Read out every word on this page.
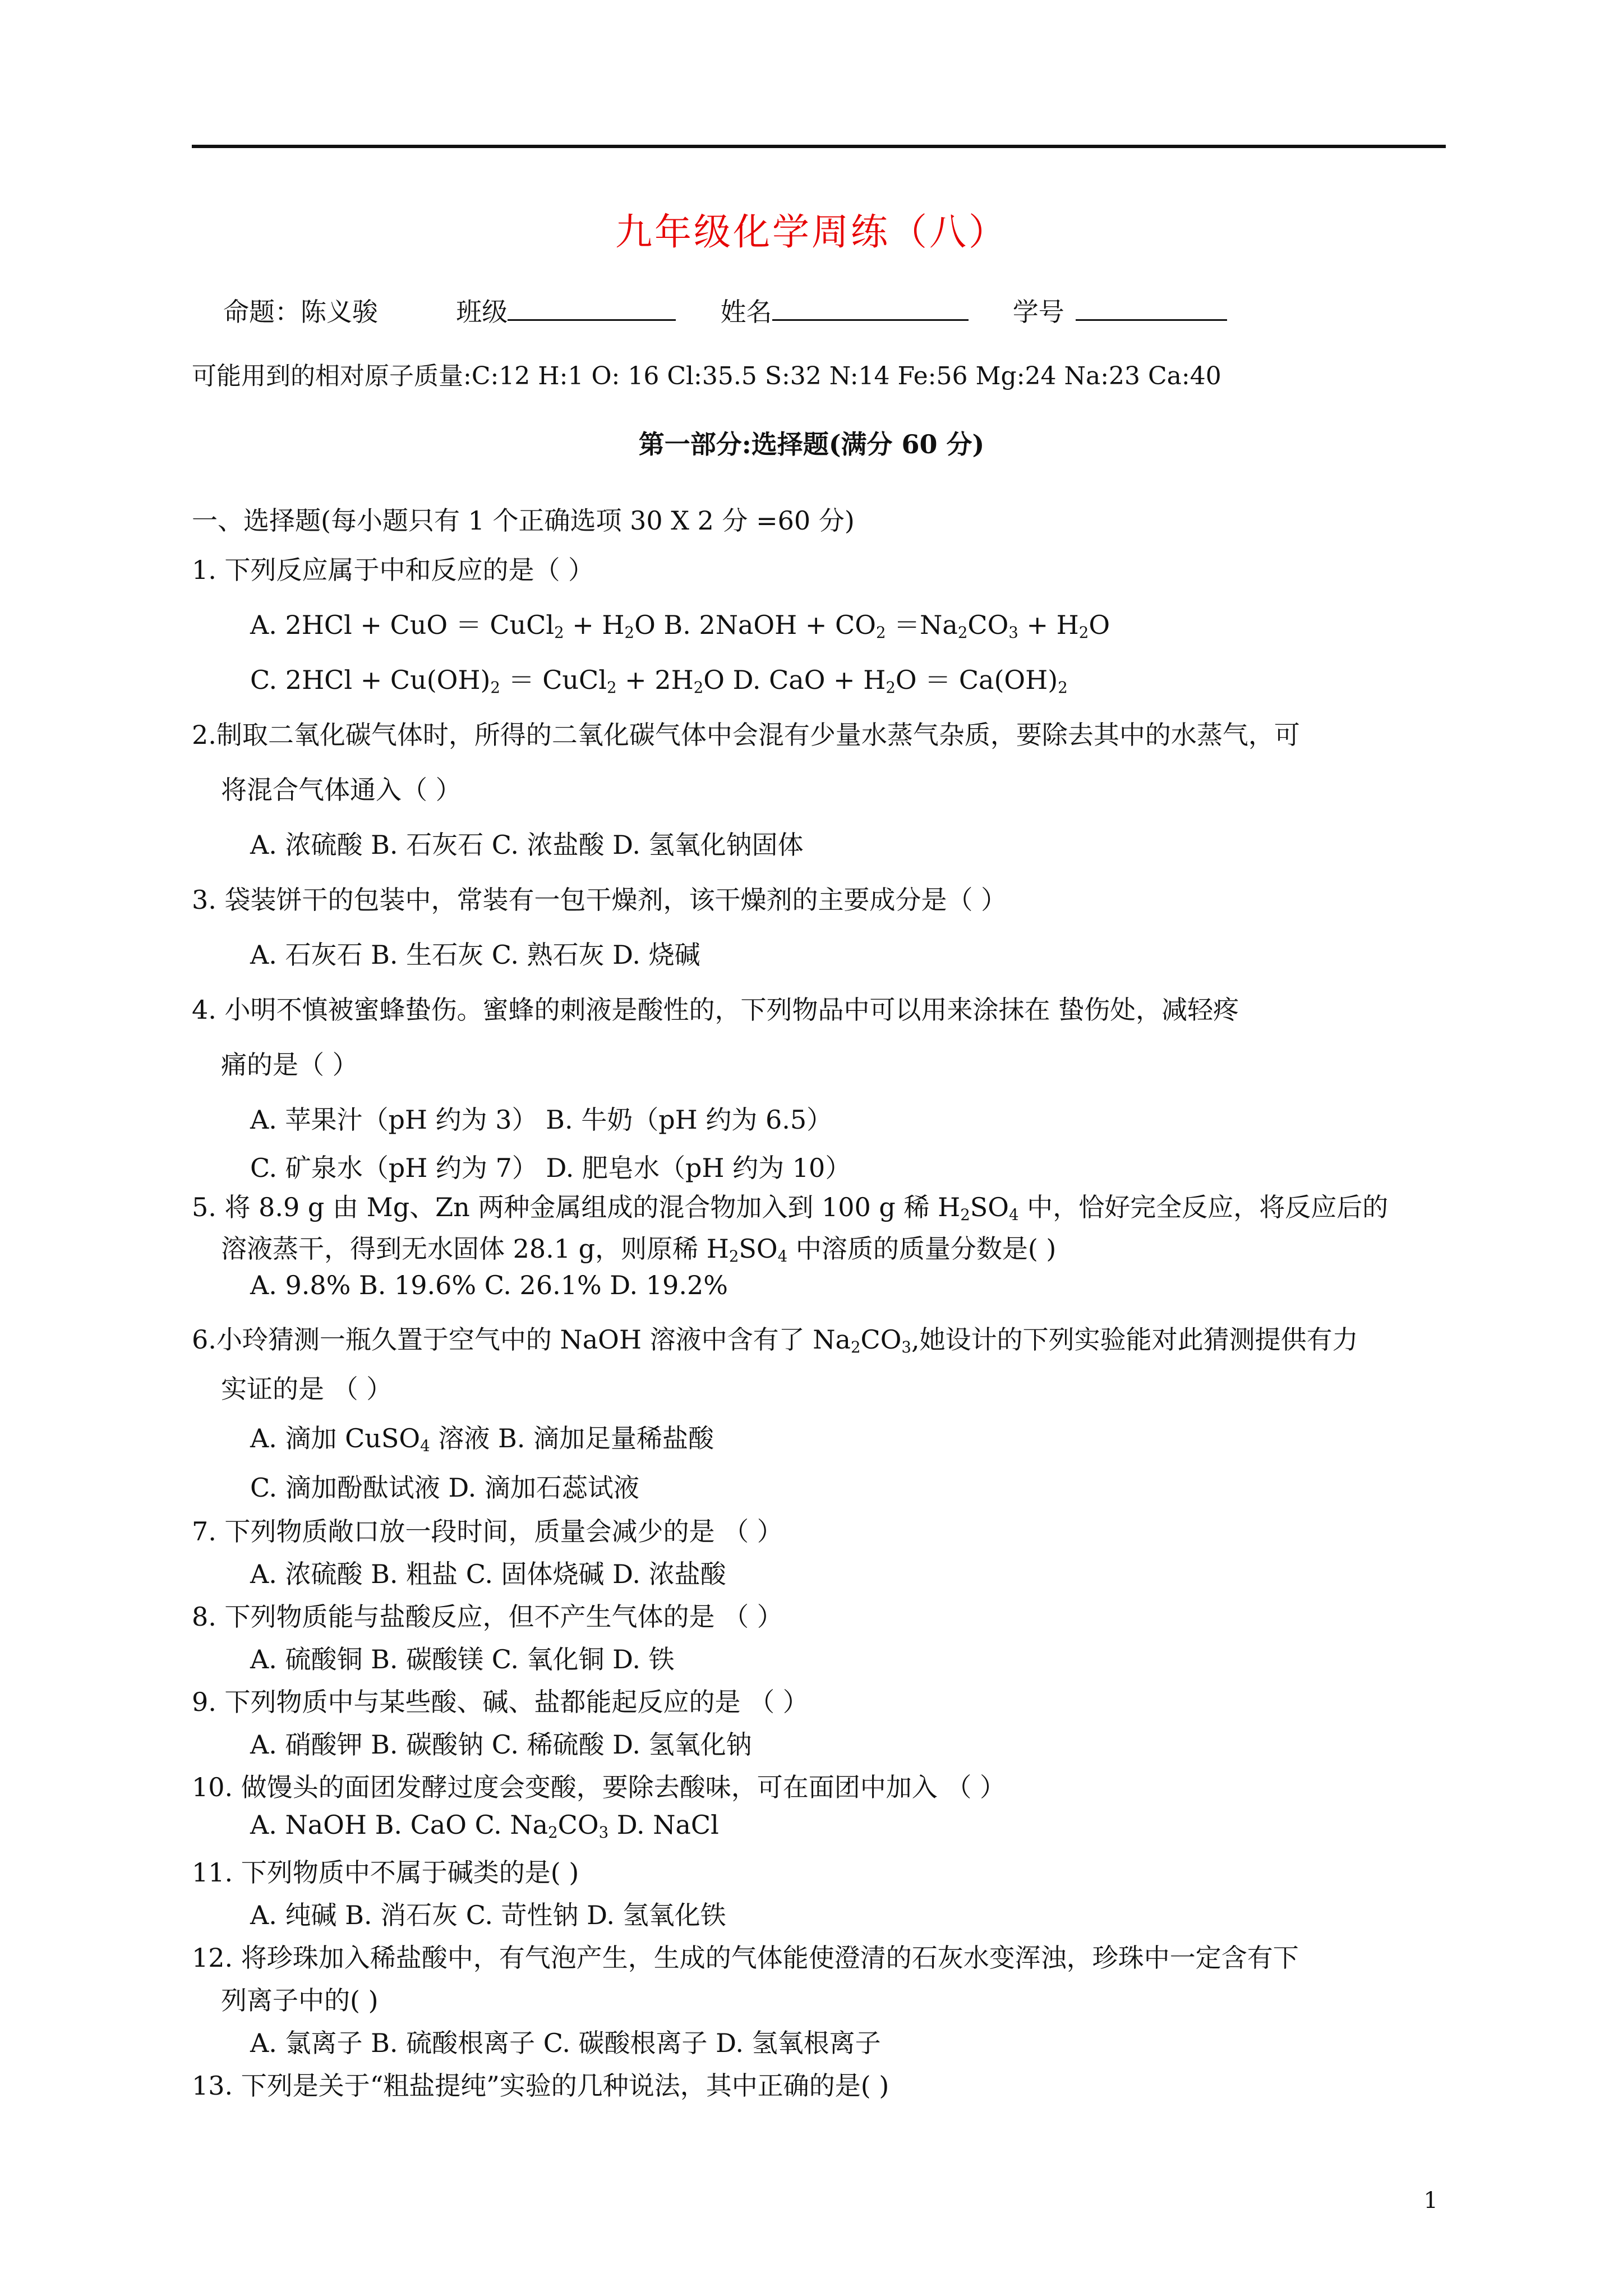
九年级化学周练（八）
命题：陈义骏	班级	姓名	学号
可能用到的相对原子质量:C:12 H:1 O: 16 Cl:35.5 S:32 N:14 Fe:56 Mg:24 Na:23 Ca:40
第一部分:选择题(满分 60 分)
一、选择题(每小题只有 1 个正确选项 30 X 2 分 =60 分)
1. 下列反应属于中和反应的是（ ）
A. 2HCl + CuO ＝ CuCl$_2$ + $H_2O$ B. 2NaOH + $CO_2 =Na_2CO_3 + H_2O$
C. $2HCl + Cu(OH)_2$ ＝ CuCl$_2$ + $2H_2O$ D. CaO + $H_2O = Ca(OH)_2$
2.制取二氧化碳气体时，所得的二氧化碳气体中会混有少量水蒸气杂质，要除去其中的水蒸气，可
将混合气体通入（ ）
A. 浓硫酸 B. 石灰石 C. 浓盐酸 D. 氢氧化钠固体
3. 袋装饼干的包装中，常装有一包干燥剂，该干燥剂的主要成分是（ ）
A. 石灰石 B. 生石灰 C. 熟石灰 D. 烧碱
4. 小明不慎被蜜蜂蛰伤。蜜蜂的刺液是酸性的，下列物品中可以用来涂抹在 蛰伤处，减轻疼
痛的是（ ）
A. 苹果汁（pH 约为 3） B. 牛奶（pH 约为 6.5）
C. 矿泉水（pH 约为 7） D. 肥皂水（pH 约为 10）
5. 将 8.9 g 由 Mg、Zn 两种金属组成的混合物加入到 100 g 稀 $H_2SO_4$ 中，恰好完全反应，将反应后的
溶液蒸干，得到无水固体 28.1 g，则原稀 $H_2SO_4$ 中溶质的质量分数是( )
A. 9.8% B. 19.6% C. 26.1% D. 19.2%
6.小玲猜测一瓶久置于空气中的 NaOH 溶液中含有了 $Na_2CO_3$,她设计的下列实验能对此猜测提供有力
实证的是 （ ）
A. 滴加 CuSO$_4$ 溶液 B. 滴加足量稀盐酸
C. 滴加酚酞试液 D. 滴加石蕊试液
7. 下列物质敞口放一段时间，质量会减少的是 （ ）
A. 浓硫酸 B. 粗盐 C. 固体烧碱 D. 浓盐酸
8. 下列物质能与盐酸反应，但不产生气体的是 （ ）
A. 硫酸铜 B. 碳酸镁 C. 氧化铜 D. 铁
9. 下列物质中与某些酸、碱、盐都能起反应的是 （ ）
A. 硝酸钾 B. 碳酸钠 C. 稀硫酸 D. 氢氧化钠
10. 做馒头的面团发酵过度会变酸，要除去酸味，可在面团中加入 （ ）
A. NaOH B. CaO C. $Na_2CO_3$ D. NaCl
11. 下列物质中不属于碱类的是( )
A. 纯碱 B. 消石灰 C. 苛性钠 D. 氢氧化铁
12. 将珍珠加入稀盐酸中，有气泡产生，生成的气体能使澄清的石灰水变浑浊，珍珠中一定含有下
列离子中的( )
A. 氯离子 B. 硫酸根离子 C. 碳酸根离子 D. 氢氧根离子
13. 下列是关于“粗盐提纯”实验的几种说法，其中正确的是( )
1
